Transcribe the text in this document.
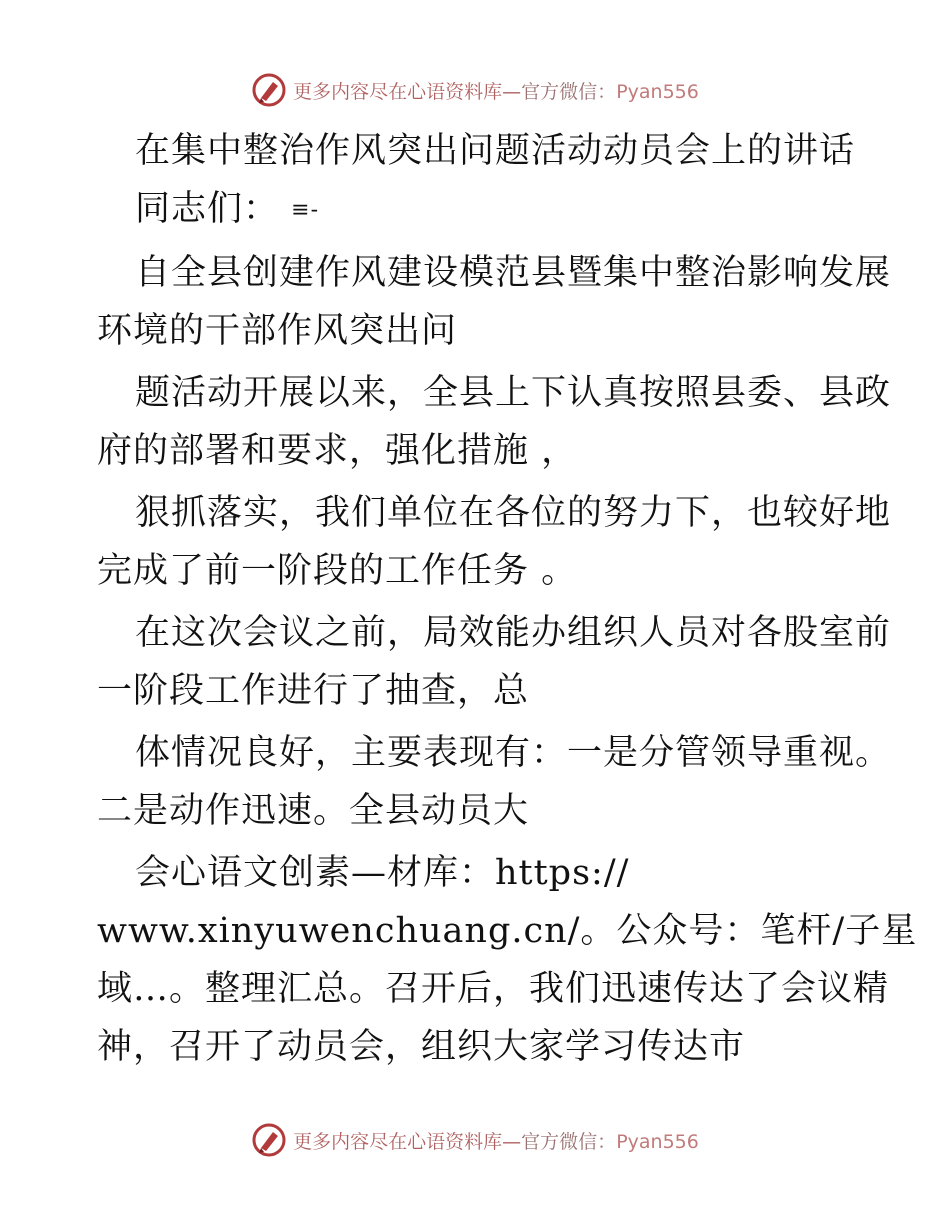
更多内容尽在心语资料库—官方微信：Pyan556
在集中整治作风突出问题活动动员会上的讲话
同志们： ≡-
自全县创建作风建设模范县暨集中整治影响发展
环境的干部作风突出问
题活动开展以来，全县上下认真按照县委、县政
府的部署和要求，强化措施 ，
狠抓落实，我们单位在各位的努力下，也较好地
完成了前一阶段的工作任务 。
在这次会议之前，局效能办组织人员对各股室前
一阶段工作进行了抽查，总
体情况良好，主要表现有：一是分管领导重视。
二是动作迅速。全县动员大
会心语文创素—材库：https://
www.xinyuwenchuang.cn/。公众号：笔杆/子星
域…。整理汇总。召开后，我们迅速传达了会议精
神，召开了动员会，组织大家学习传达市
更多内容尽在心语资料库—官方微信：Pyan556
